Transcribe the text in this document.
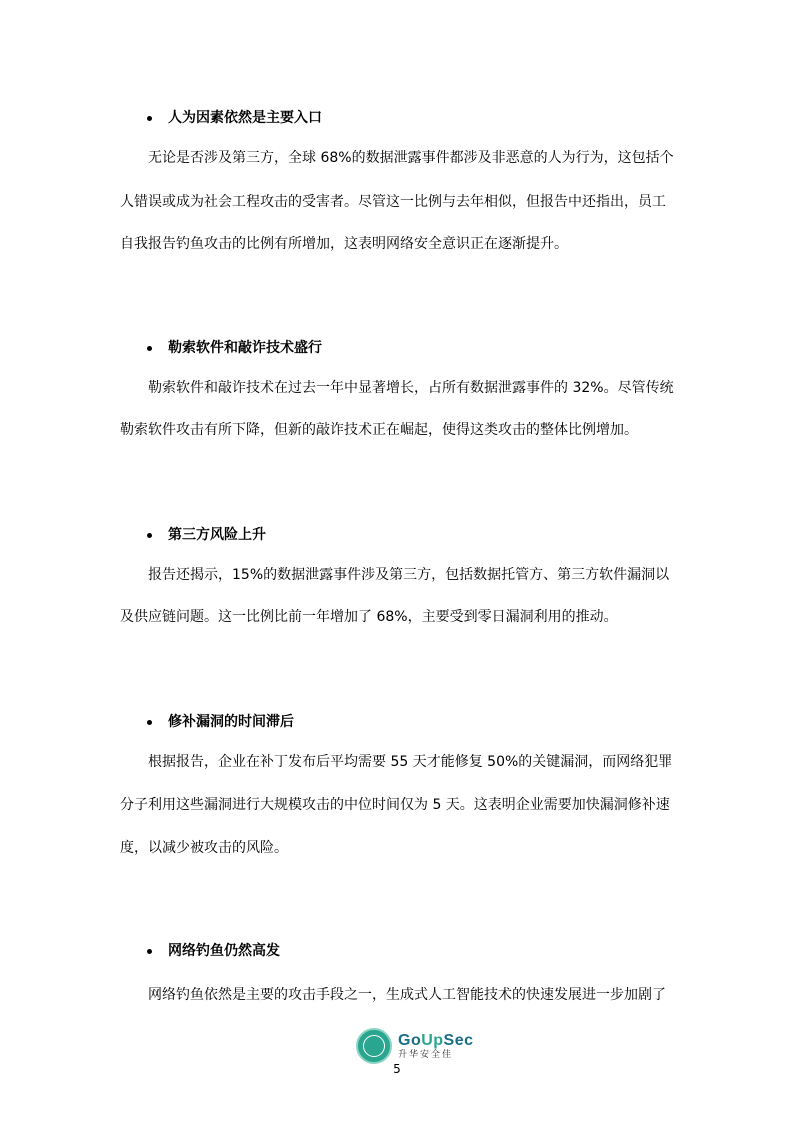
人为因素依然是主要入口
无论是否涉及第三方，全球 68%的数据泄露事件都涉及非恶意的人为行为，这包括个
人错误或成为社会工程攻击的受害者。尽管这一比例与去年相似，但报告中还指出，员工
自我报告钓鱼攻击的比例有所增加，这表明网络安全意识正在逐渐提升。
勒索软件和敲诈技术盛行
勒索软件和敲诈技术在过去一年中显著增长，占所有数据泄露事件的 32%。尽管传统
勒索软件攻击有所下降，但新的敲诈技术正在崛起，使得这类攻击的整体比例增加。
第三方风险上升
报告还揭示，15%的数据泄露事件涉及第三方，包括数据托管方、第三方软件漏洞以
及供应链问题。这一比例比前一年增加了 68%，主要受到零日漏洞利用的推动。
修补漏洞的时间滞后
根据报告，企业在补丁发布后平均需要 55 天才能修复 50%的关键漏洞，而网络犯罪
分子利用这些漏洞进行大规模攻击的中位时间仅为 5 天。这表明企业需要加快漏洞修补速
度，以减少被攻击的风险。
网络钓鱼仍然高发
网络钓鱼依然是主要的攻击手段之一，生成式人工智能技术的快速发展进一步加剧了
GoUpSec
升华安全佳
5
